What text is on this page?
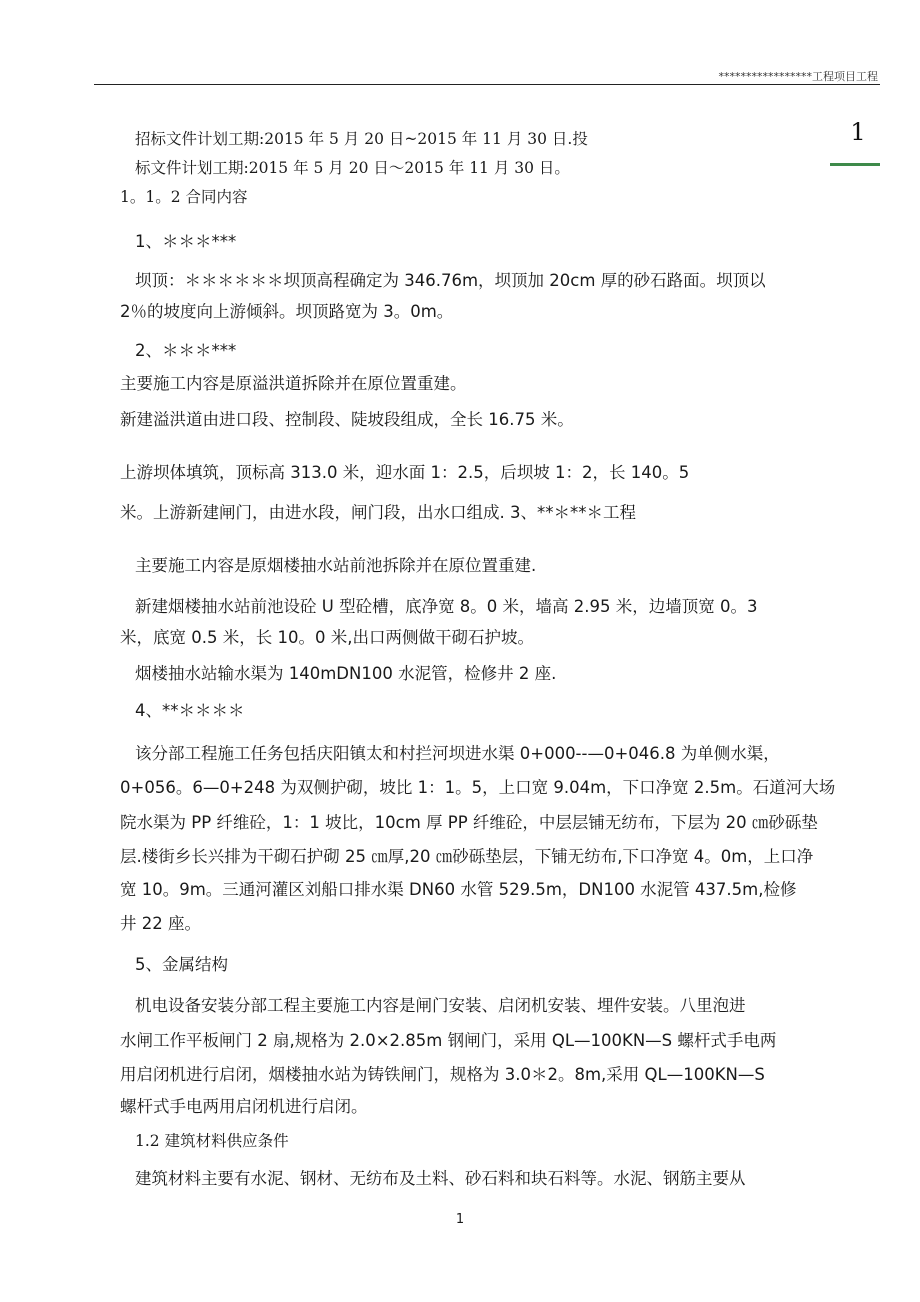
*****************工程项目工程
1
招标文件计划工期:2015 年 5 月 20 日~2015 年 11 月 30 日.投
标文件计划工期:2015 年 5 月 20 日～2015 年 11 月 30 日。
1。1。2 合同内容
1、＊＊＊***
坝顶：＊＊＊＊＊＊坝顶高程确定为 346.76m，坝顶加 20cm 厚的砂石路面。坝顶以
2％的坡度向上游倾斜。坝顶路宽为 3。0m。
2、＊＊＊***
主要施工内容是原溢洪道拆除并在原位置重建。
新建溢洪道由进口段、控制段、陡坡段组成，全长 16.75 米。
上游坝体填筑，顶标高 313.0 米，迎水面 1：2.5，后坝坡 1：2，长 140。5
米。上游新建闸门，由进水段，闸门段，出水口组成. 3、**＊**＊工程
主要施工内容是原烟楼抽水站前池拆除并在原位置重建.
新建烟楼抽水站前池设砼 U 型砼槽，底净宽 8。0 米，墙高 2.95 米，边墙顶宽 0。3
米，底宽 0.5 米，长 10。0 米,出口两侧做干砌石护坡。
烟楼抽水站输水渠为 140mDN100 水泥管，检修井 2 座.
4、**＊＊＊＊
该分部工程施工任务包括庆阳镇太和村拦河坝进水渠 0+000--—0+046.8 为单侧水渠，
0+056。6—0+248 为双侧护砌，坡比 1：1。5，上口宽 9.04m，下口净宽 2.5m。石道河大场
院水渠为 PP 纤维砼，1：1 坡比，10cm 厚 PP 纤维砼，中层层铺无纺布，下层为 20 ㎝砂砾垫
层.楼街乡长兴排为干砌石护砌 25 ㎝厚,20 ㎝砂砾垫层，下铺无纺布,下口净宽 4。0m，上口净
宽 10。9m。三通河灌区刘船口排水渠 DN60 水管 529.5m，DN100 水泥管 437.5m,检修
井 22 座。
5、金属结构
机电设备安装分部工程主要施工内容是闸门安装、启闭机安装、埋件安装。八里泡进
水闸工作平板闸门 2 扇,规格为 2.0×2.85m 钢闸门，采用 QL—100KN—S 螺杆式手电两
用启闭机进行启闭，烟楼抽水站为铸铁闸门，规格为 3.0＊2。8m,采用 QL—100KN—S
螺杆式手电两用启闭机进行启闭。
1.2 建筑材料供应条件
建筑材料主要有水泥、钢材、无纺布及土料、砂石料和块石料等。水泥、钢筋主要从
1
